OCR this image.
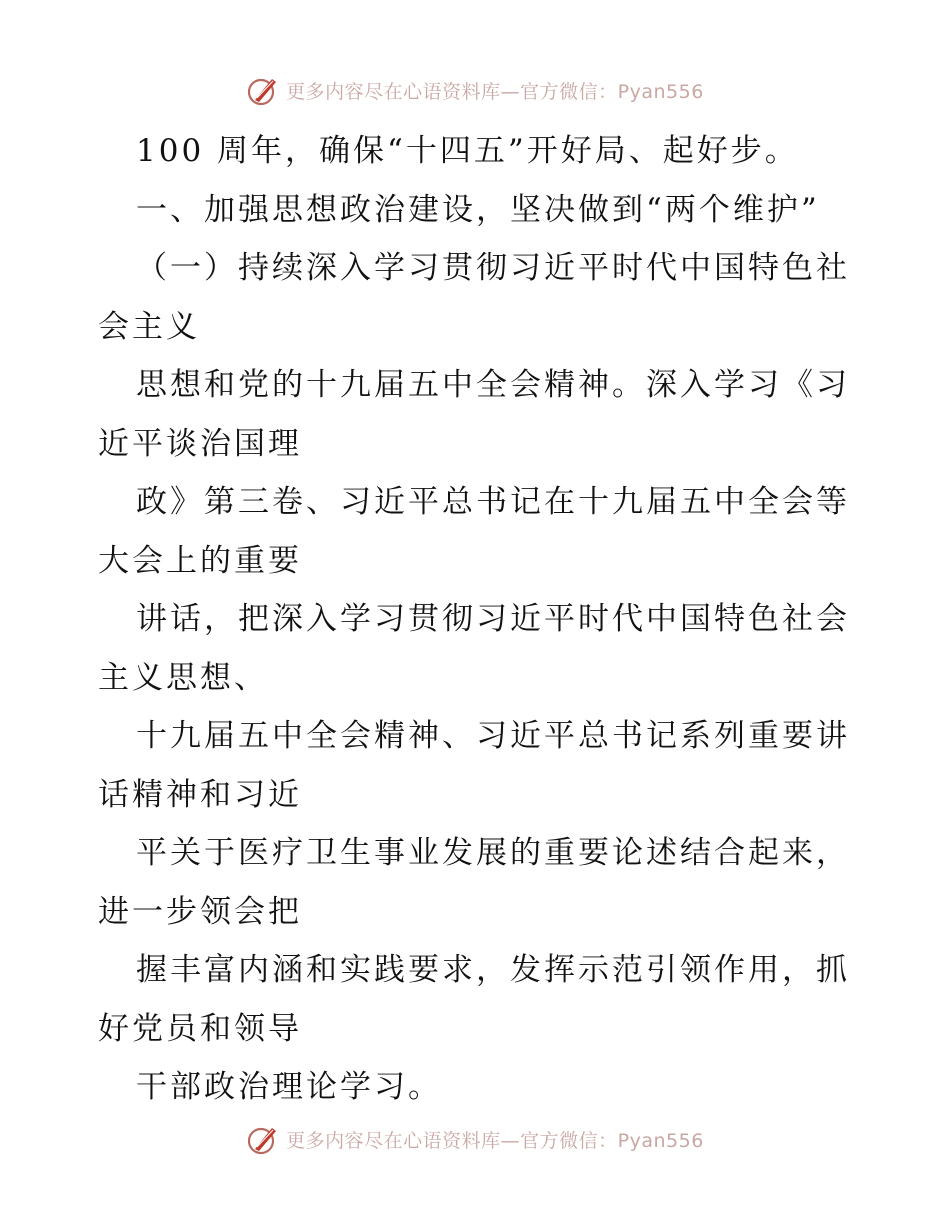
更多内容尽在心语资料库—官方微信：Pyan556
100 周年，确保“十四五”开好局、起好步。
一、加强思想政治建设，坚决做到“两个维护”
（一）持续深入学习贯彻习近平时代中国特色社
会主义
思想和党的十九届五中全会精神。深入学习《习
近平谈治国理
政》第三卷、习近平总书记在十九届五中全会等
大会上的重要
讲话，把深入学习贯彻习近平时代中国特色社会
主义思想、
十九届五中全会精神、习近平总书记系列重要讲
话精神和习近
平关于医疗卫生事业发展的重要论述结合起来，
进一步领会把
握丰富内涵和实践要求，发挥示范引领作用，抓
好党员和领导
干部政治理论学习。
更多内容尽在心语资料库—官方微信：Pyan556
